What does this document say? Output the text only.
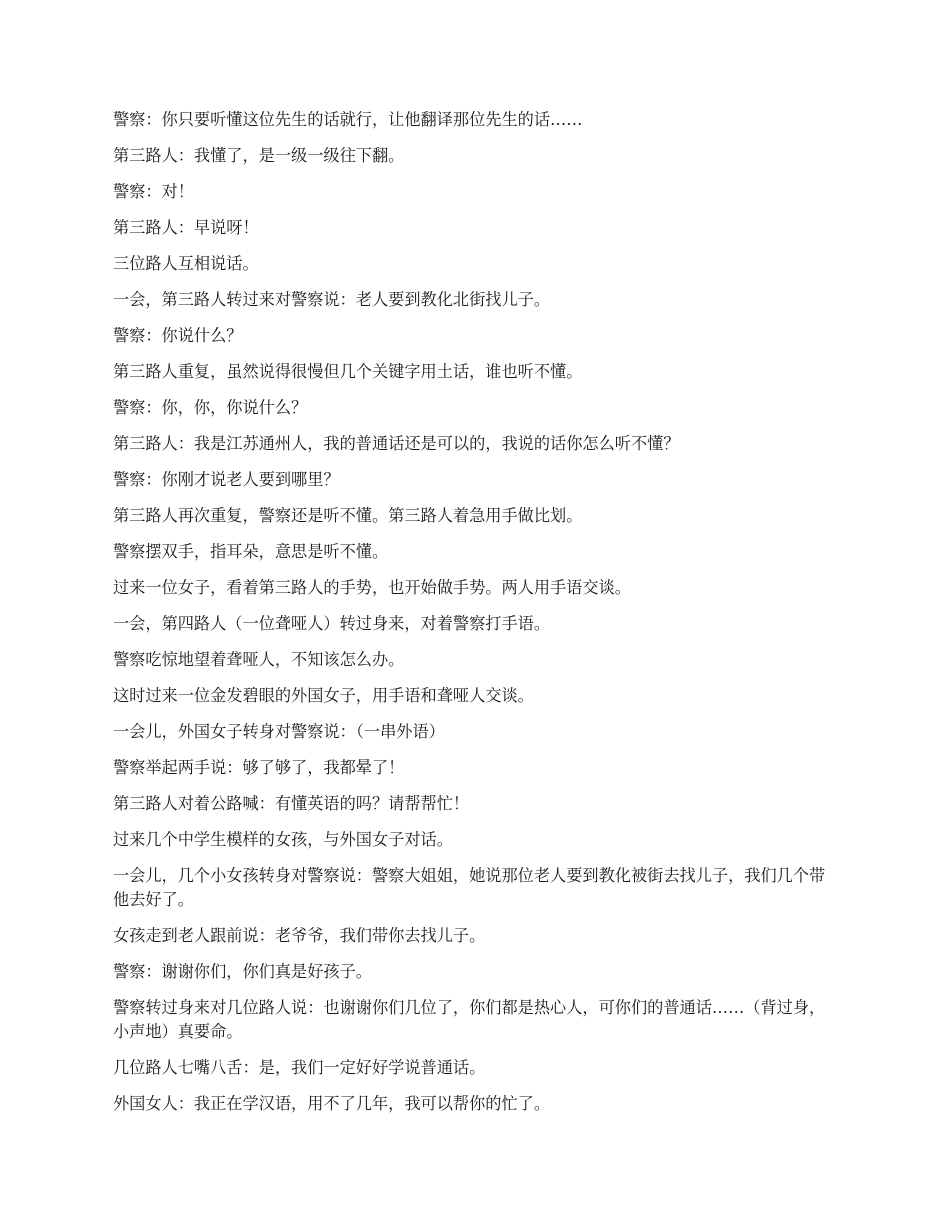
警察：你只要听懂这位先生的话就行，让他翻译那位先生的话……

第三路人：我懂了，是一级一级往下翻。

警察：对！

第三路人：早说呀！

三位路人互相说话。

一会，第三路人转过来对警察说：老人要到教化北街找儿子。

警察：你说什么？

第三路人重复，虽然说得很慢但几个关键字用土话，谁也听不懂。

警察：你，你，你说什么？

第三路人：我是江苏通州人，我的普通话还是可以的，我说的话你怎么听不懂？

警察：你刚才说老人要到哪里？

第三路人再次重复，警察还是听不懂。第三路人着急用手做比划。

警察摆双手，指耳朵，意思是听不懂。

过来一位女子，看着第三路人的手势，也开始做手势。两人用手语交谈。

一会，第四路人（一位聋哑人）转过身来，对着警察打手语。

警察吃惊地望着聋哑人，不知该怎么办。

这时过来一位金发碧眼的外国女子，用手语和聋哑人交谈。

一会儿，外国女子转身对警察说：（一串外语）

警察举起两手说：够了够了，我都晕了！

第三路人对着公路喊：有懂英语的吗？请帮帮忙！

过来几个中学生模样的女孩，与外国女子对话。

一会儿，几个小女孩转身对警察说：警察大姐姐，她说那位老人要到教化被街去找儿子，我们几个带他去好了。

女孩走到老人跟前说：老爷爷，我们带你去找儿子。

警察：谢谢你们，你们真是好孩子。

警察转过身来对几位路人说：也谢谢你们几位了，你们都是热心人，可你们的普通话……（背过身，小声地）真要命。

几位路人七嘴八舌：是，我们一定好好学说普通话。

外国女人：我正在学汉语，用不了几年，我可以帮你的忙了。
